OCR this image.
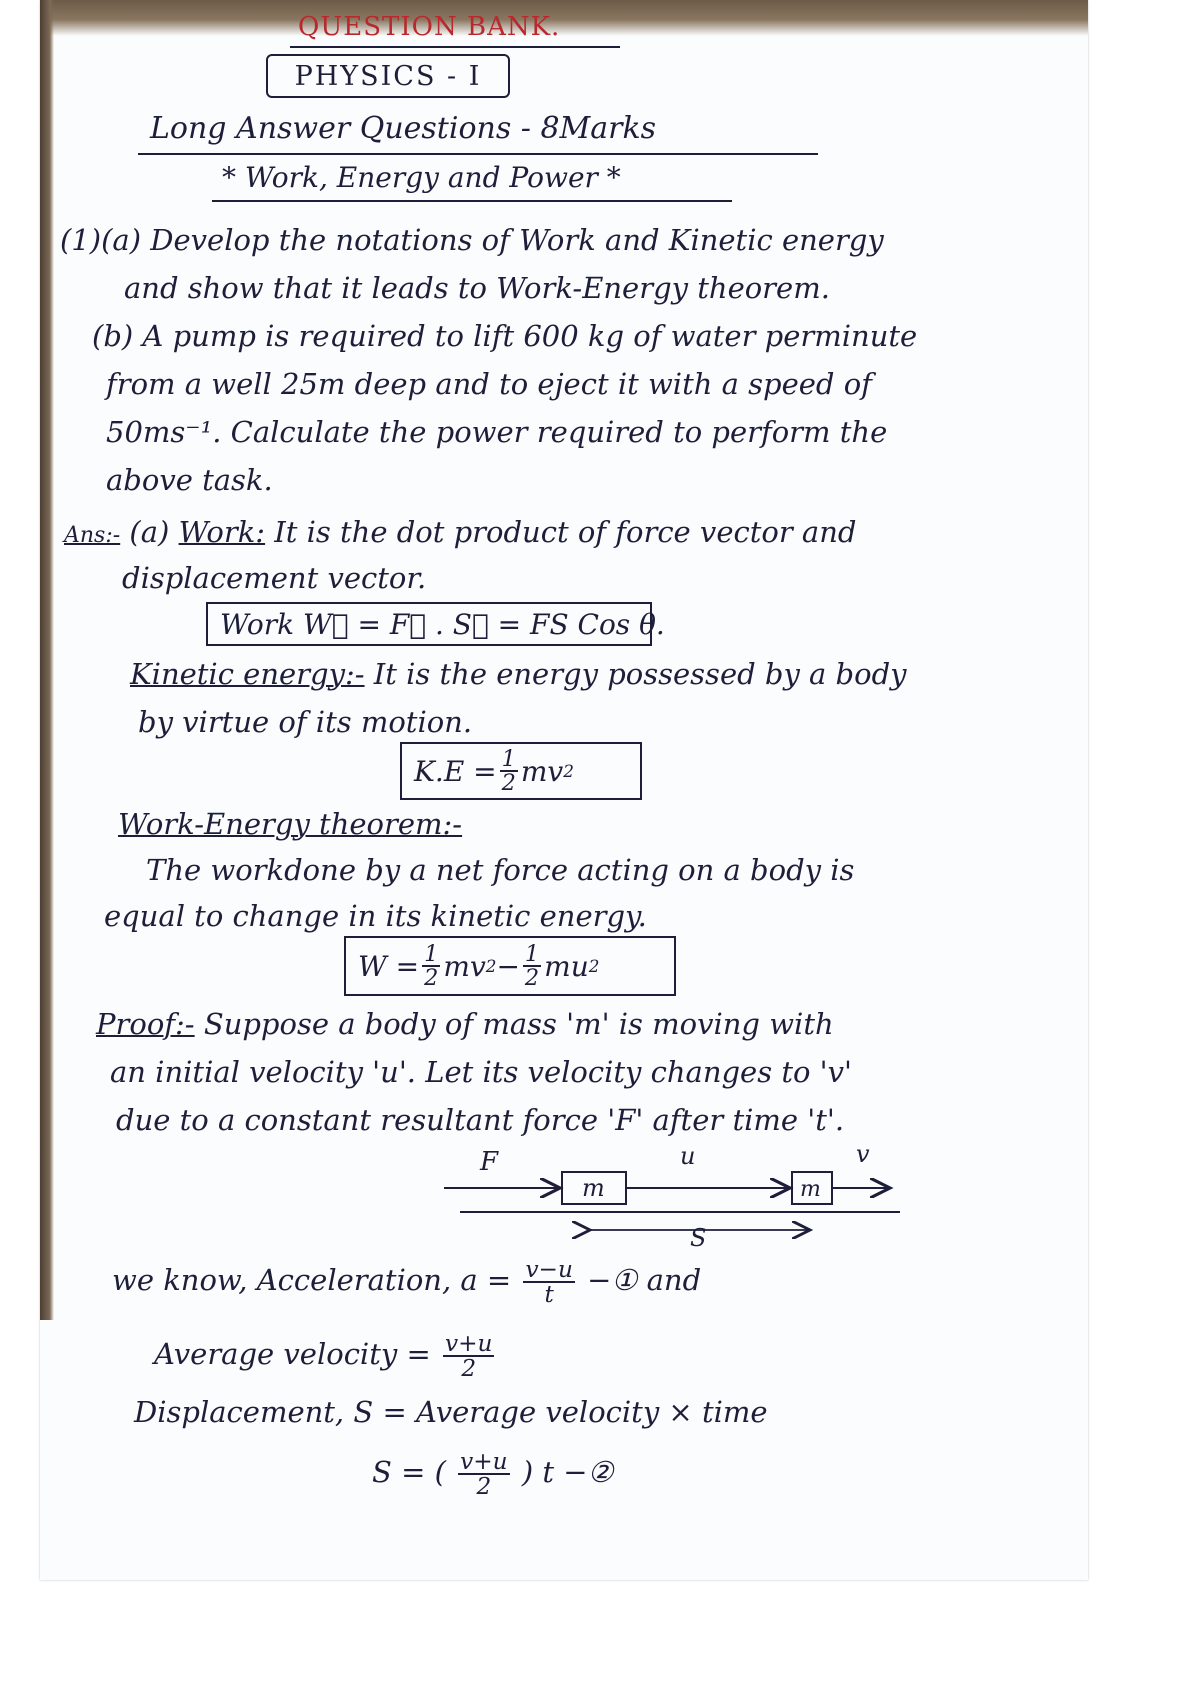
QUESTION BANK.
PHYSICS - I
Long Answer Questions - 8Marks
* Work, Energy and Power *
(1)(a) Develop the notations of Work and Kinetic energy
and show that it leads to Work-Energy theorem.
(b) A pump is required to lift 600 kg of water perminute
from a well 25m deep and to eject it with a speed of
50ms⁻¹. Calculate the power required to perform the
above task.
Ans:- (a) Work: It is the dot product of force vector and
displacement vector.
Work W⃗ = F⃗ . S⃗ = FS Cos θ.
Kinetic energy:- It is the energy possessed by a body
by virtue of its motion.
$K.E = \frac{1}{2}$ mv 2
Work-Energy theorem:-
The workdone by a net force acting on a body is
equal to change in its kinetic energy.
$W = \frac{1}{2}$ mv $2 - \frac{1}{2}$ mu 2
Proof:- Suppose a body of mass 'm' is moving with
an initial velocity 'u'. Let its velocity changes to 'v'
due to a constant resultant force 'F' after time 't'.
F
m
u
m
v
S
we know, Acceleration, $a = \frac{v-u}{t}$ −① and
Average velocity = $\frac{v+u}{2}$
Displacement, S = Average velocity × time
S = ( $\frac{v+u}{2}$ ) t −②
